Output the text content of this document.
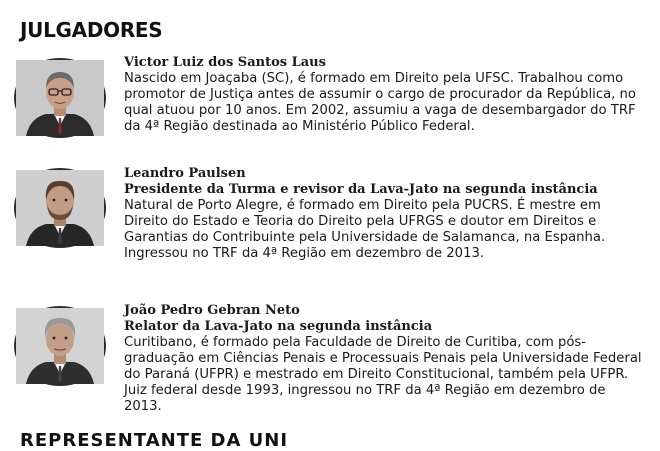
JULGADORES
Victor Luiz dos Santos Laus
Nascido em Joaçaba (SC), é formado em Direito pela UFSC. Trabalhou como promotor de Justiça antes de assumir o cargo de procurador da República, no qual atuou por 10 anos. Em 2002, assumiu a vaga de desembargador do TRF da 4ª Região destinada ao Ministério Público Federal.
Leandro Paulsen
Presidente da Turma e revisor da Lava-Jato na segunda instância
Natural de Porto Alegre, é formado em Direito pela PUCRS. É mestre em Direito do Estado e Teoria do Direito pela UFRGS e doutor em Direitos e Garantias do Contribuinte pela Universidade de Salamanca, na Espanha. Ingressou no TRF da 4ª Região em dezembro de 2013.
João Pedro Gebran Neto
Relator da Lava-Jato na segunda instância
Curitibano, é formado pela Faculdade de Direito de Curitiba, com pós-graduação em Ciências Penais e Processuais Penais pela Universidade Federal do Paraná (UFPR) e mestrado em Direito Constitucional, também pela UFPR. Juiz federal desde 1993, ingressou no TRF da 4ª Região em dezembro de 2013.
REPRESENTANTE DA UNI
